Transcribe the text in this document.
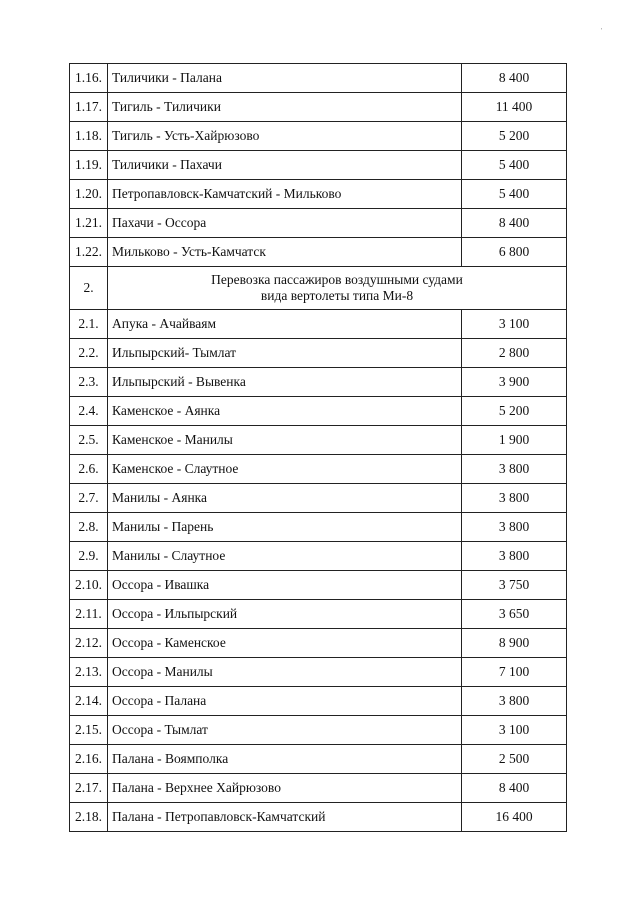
'
1.16.	Тиличики - Палана	8 400
1.17.	Тигиль - Тиличики	11 400
1.18.	Тигиль - Усть-Хайрюзово	5 200
1.19.	Тиличики - Пахачи	5 400
1.20.	Петропавловск-Камчатский - Мильково	5 400
1.21.	Пахачи - Оссора	8 400
1.22.	Мильково - Усть-Камчатск	6 800
2.	Перевозка пассажиров воздушными судами
вида вертолеты типа Ми-8	
2.1.	Апука - Ачайваям	3 100
2.2.	Ильпырский- Тымлат	2 800
2.3.	Ильпырский - Вывенка	3 900
2.4.	Каменское - Аянка	5 200
2.5.	Каменское - Манилы	1 900
2.6.	Каменское - Слаутное	3 800
2.7.	Манилы - Аянка	3 800
2.8.	Манилы - Парень	3 800
2.9.	Манилы - Слаутное	3 800
2.10.	Оссора - Ивашка	3 750
2.11.	Оссора - Ильпырский	3 650
2.12.	Оссора - Каменское	8 900
2.13.	Оссора - Манилы	7 100
2.14.	Оссора - Палана	3 800
2.15.	Оссора - Тымлат	3 100
2.16.	Палана - Воямполка	2 500
2.17.	Палана - Верхнее Хайрюзово	8 400
2.18.	Палана - Петропавловск-Камчатский	16 400
